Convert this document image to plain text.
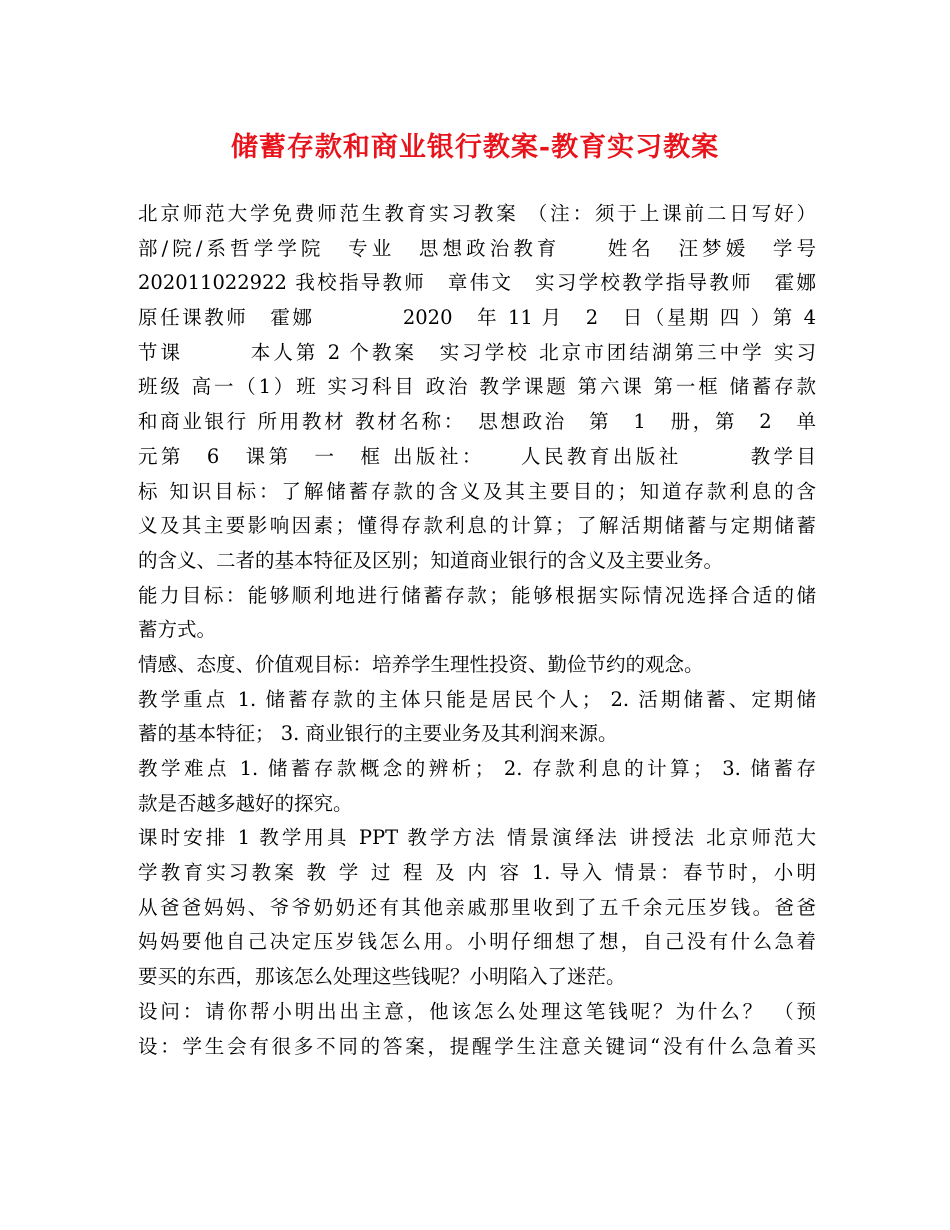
储蓄存款和商业银行教案-教育实习教案
北京师范大学免费师范生教育实习教案 （注：须于上课前二日写好）
部/院/系哲学学院　专业　思想政治教育　　姓名　汪梦媛　学号
202011022922 我校指导教师　章伟文　实习学校教学指导教师　霍娜
原任课教师　霍娜　　　　2020　年 11 月　2　日（星期 四 ）第 4
节课　　　本人第 2 个教案　实习学校 北京市团结湖第三中学 实习
班级 高一（1）班 实习科目 政治 教学课题 第六课 第一框 储蓄存款
和商业银行 所用教材 教材名称：　思想政治　第　1　册，第　2　单
元第　6　课第　一　框 出版社：　　人民教育出版社　　　教学目
标 知识目标：了解储蓄存款的含义及其主要目的；知道存款利息的含
义及其主要影响因素；懂得存款利息的计算；了解活期储蓄与定期储蓄
的含义、二者的基本特征及区别；知道商业银行的含义及主要业务。
能力目标：能够顺利地进行储蓄存款；能够根据实际情况选择合适的储
蓄方式。
情感、态度、价值观目标：培养学生理性投资、勤俭节约的观念。
教学重点 1. 储蓄存款的主体只能是居民个人； 2. 活期储蓄、定期储
蓄的基本特征； 3. 商业银行的主要业务及其利润来源。
教学难点 1. 储蓄存款概念的辨析； 2. 存款利息的计算； 3. 储蓄存
款是否越多越好的探究。
课时安排 1 教学用具 PPT 教学方法 情景演绎法 讲授法 北京师范大
学教育实习教案 教 学 过 程 及 内 容 1. 导入 情景：春节时，小明
从爸爸妈妈、爷爷奶奶还有其他亲戚那里收到了五千余元压岁钱。爸爸
妈妈要他自己决定压岁钱怎么用。小明仔细想了想，自己没有什么急着
要买的东西，那该怎么处理这些钱呢？小明陷入了迷茫。
设问：请你帮小明出出主意，他该怎么处理这笔钱呢？为什么？ （预
设：学生会有很多不同的答案，提醒学生注意关键词“没有什么急着买
